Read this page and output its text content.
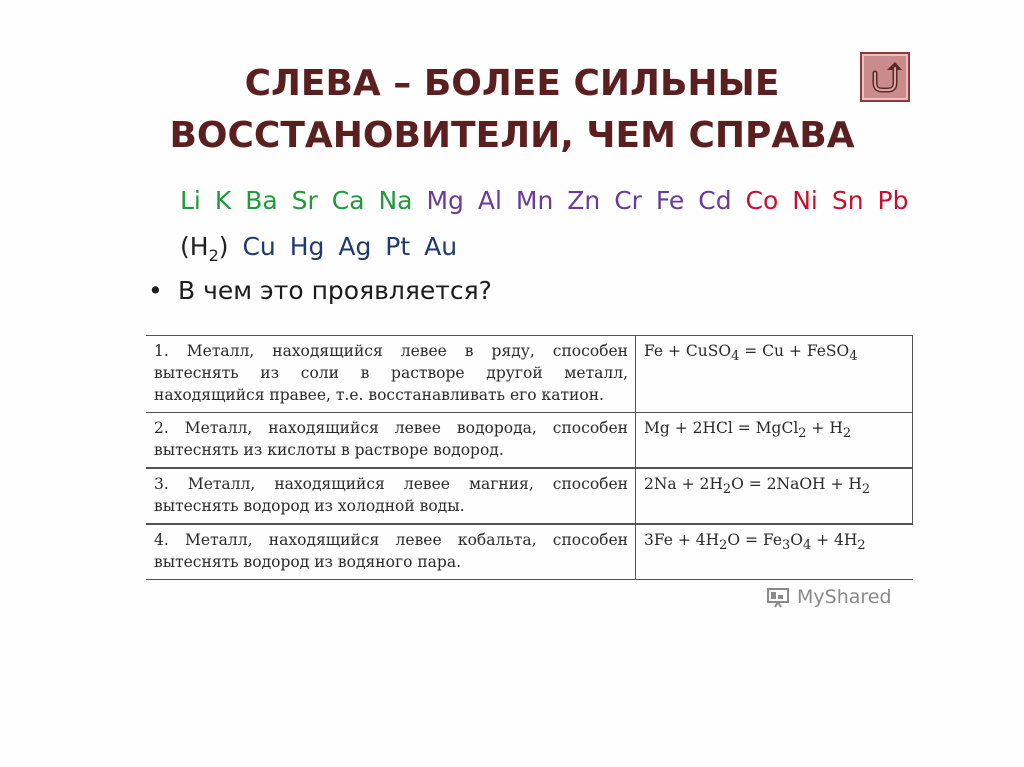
СЛЕВА – БОЛЕЕ СИЛЬНЫЕ
ВОССТАНОВИТЕЛИ, ЧЕМ СПРАВА
Li K Ba Sr Ca Na Mg Al Mn Zn Cr Fe Cd Co Ni Sn Pb
$(H_2)$ Cu Hg Ag Pt Au
• В чем это проявляется?
1. Металл, находящийся левее в ряду, способен вытеснять из соли в растворе другой металл, находящийся правее, т.е. восстанавливать его катион.	Fe + CuSO$_4$ = Cu + FeSO$_4$
2. Металл, находящийся левее водорода, способен вытеснять из кислоты в растворе водород.	Mg + 2HCl = MgCl$_2$ + $H_2$
3. Металл, находящийся левее магния, способен вытеснять водород из холодной воды.	$2Na + 2H_2O$ = 2NaOH + $H_2$
4. Металл, находящийся левее кобальта, способен вытеснять водород из водяного пара.	$3Fe + 4H_2O = Fe_3O_4 + 4H_2$
MyShared
